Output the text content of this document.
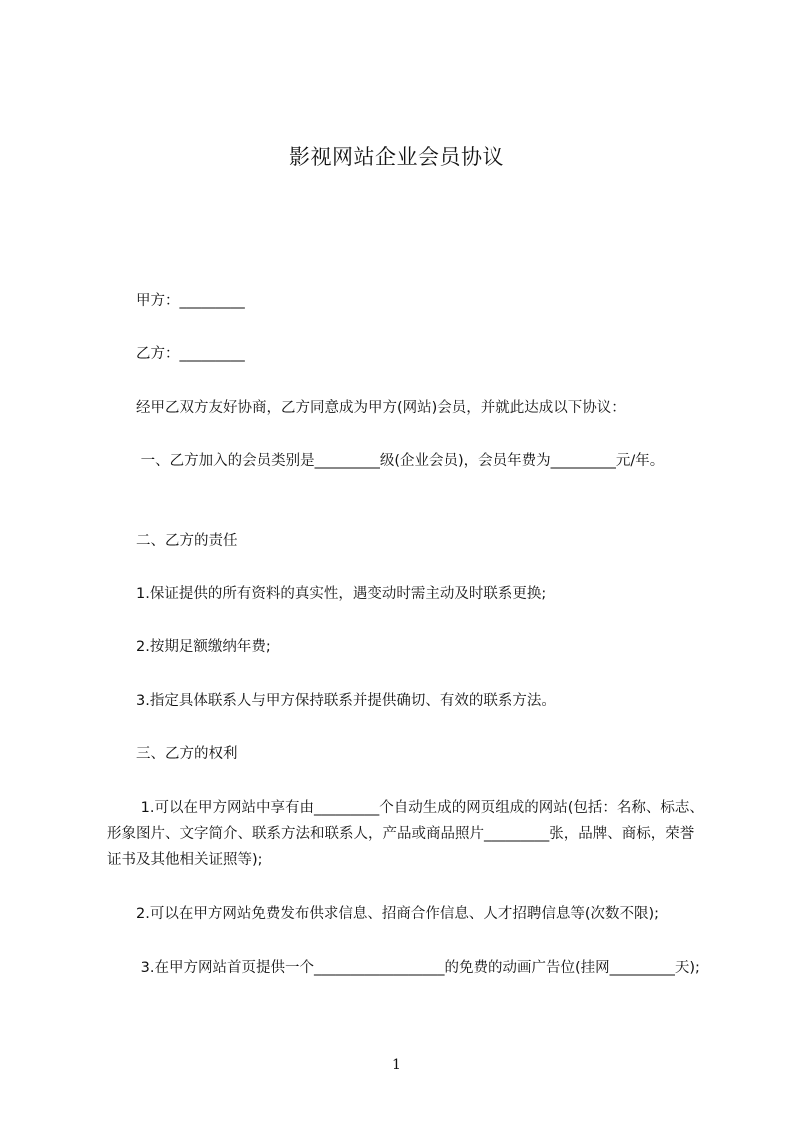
影视网站企业会员协议
甲方：_________
乙方：_________
经甲乙双方友好协商，乙方同意成为甲方(网站)会员，并就此达成以下协议：
一、乙方加入的会员类别是_________级(企业会员)，会员年费为_________元/年。
二、乙方的责任
1.保证提供的所有资料的真实性，遇变动时需主动及时联系更换;
2.按期足额缴纳年费;
3.指定具体联系人与甲方保持联系并提供确切、有效的联系方法。
三、乙方的权利
1.可以在甲方网站中享有由_________个自动生成的网页组成的网站(包括：名称、标志、形象图片、文字简介、联系方法和联系人，产品或商品照片_________张，品牌、商标，荣誉证书及其他相关证照等);
2.可以在甲方网站免费发布供求信息、招商合作信息、人才招聘信息等(次数不限);
3.在甲方网站首页提供一个__________________的免费的动画广告位(挂网_________天);
1
